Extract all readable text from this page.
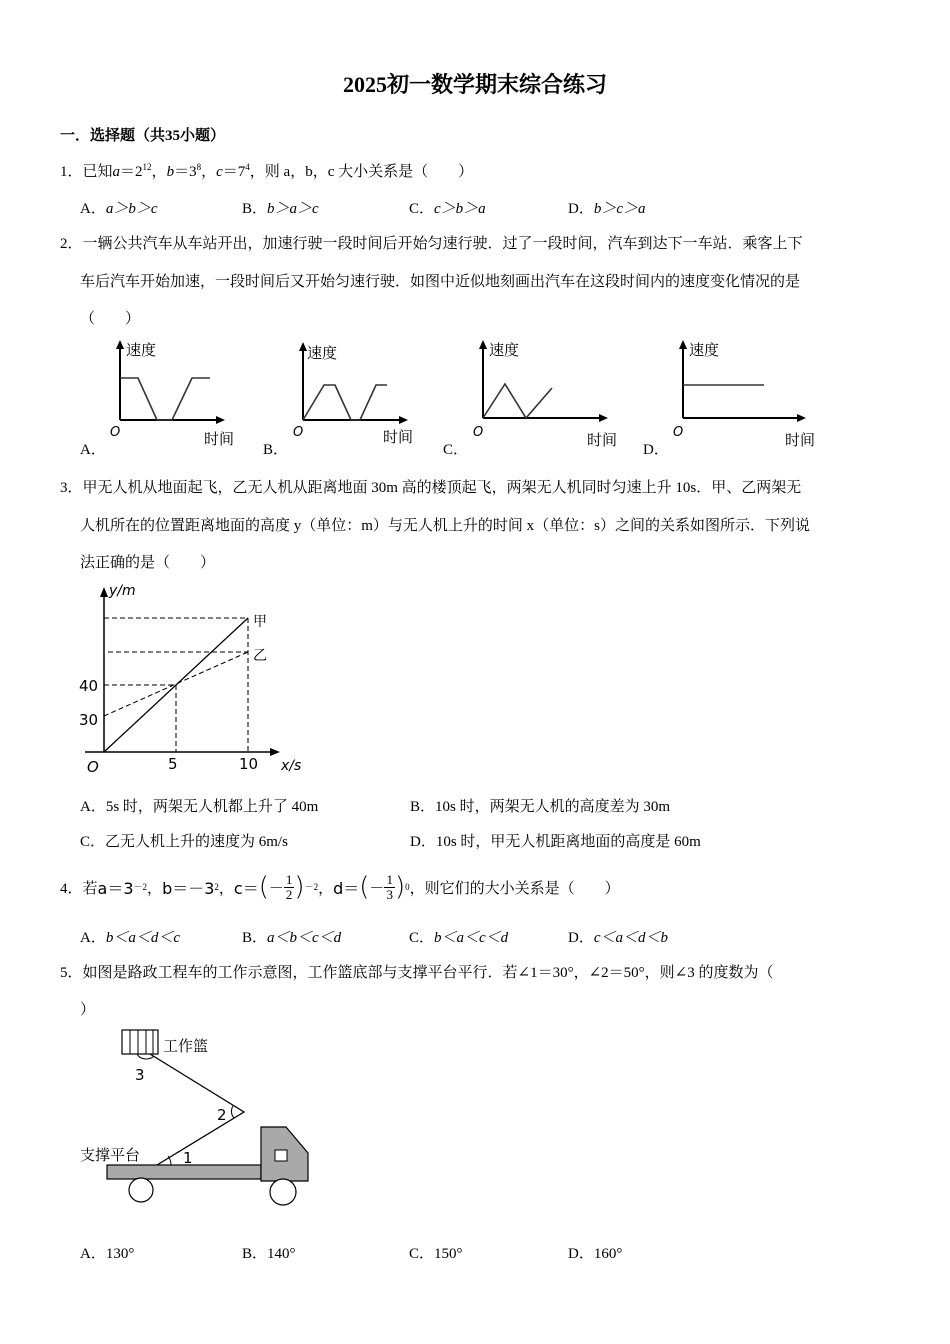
2025初一数学期末综合练习
一．选择题（共35小题）
1．已知$a=2^{12}$，$b=3^8$，$c=7^4$，则 a，b，c 大小关系是（　　）
A．a＞b＞c	B．b＞a＞c	C．c＞b＞a	D．b＞c＞a
2．一辆公共汽车从车站开出，加速行驶一段时间后开始匀速行驶．过了一段时间，汽车到达下一车站．乘客上下
车后汽车开始加速，一段时间后又开始匀速行驶．如图中近似地刻画出汽车在这段时间内的速度变化情况的是
（　　）
A．
速度
O	时间
B．
速度
O	时间
C．
速度
O	时间
D．
速度
O	时间
3．甲无人机从地面起飞，乙无人机从距离地面 30m 高的楼顶起飞，两架无人机同时匀速上升 10s．甲、乙两架无
人机所在的位置距离地面的高度 y（单位：m）与无人机上升的时间 x（单位：s）之间的关系如图所示．下列说
法正确的是（　　）
y/m
x/s
O
40
30
5	10
甲
乙
A．5s 时，两架无人机都上升了 40m	B．10s 时，两架无人机的高度差为 30m
C．乙无人机上升的速度为 6m/s	D．10s 时，甲无人机距离地面的高度是 60m
4． 若 a＝3 －2 ， b＝－3 2 ， c＝ ( － $\frac{1}{2}$ ) －2 ， d＝ ( － $\frac{1}{3}$ ) 0 ，则它们的大小关系是（　　）
A．b＜a＜d＜c	B．a＜b＜c＜d	C．b＜a＜c＜d	D．c＜a＜d＜b
5．如图是路政工程车的工作示意图，工作篮底部与支撑平台平行．若∠1＝30°，∠2＝50°，则∠3 的度数为（
）
工作篮
3
2
1
支撑平台
A．130°	B．140°	C．150°	D．160°
